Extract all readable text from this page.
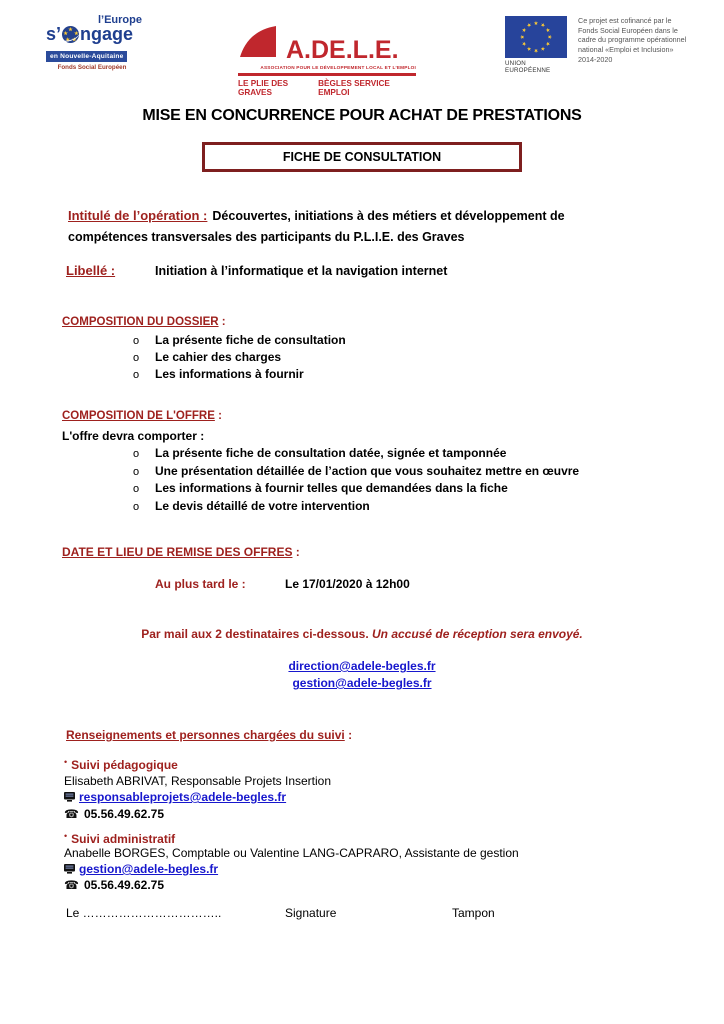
l’Europe
s’ ★
★
★
★
★ ngage
en Nouvelle-Aquitaine
Fonds Social Européen
A.DE.L.E.
ASSOCIATION POUR LE DÉVELOPPEMENT LOCAL ET L’EMPLOI
LE PLIE DES GRAVES
BÈGLES SERVICE EMPLOI
★ ★
★
★
★
★
★
★
★
★
★
★
UNION EUROPÉENNE
Ce projet est cofinancé par le Fonds Social Européen dans le cadre du programme opérationnel national «Emploi et Inclusion» 2014-2020
MISE EN CONCURRENCE POUR ACHAT DE PRESTATIONS
FICHE DE CONSULTATION
Intitulé de l’opération : Découvertes, initiations à des métiers et développement de compétences transversales des participants du P.L.I.E. des Graves
Libellé :	Initiation à l’informatique et la navigation internet
COMPOSITION DU DOSSIER :
o La présente fiche de consultation
o Le cahier des charges
o Les informations à fournir
COMPOSITION DE L'OFFRE :
L'offre devra comporter :
o La présente fiche de consultation datée, signée et tamponnée
o Une présentation détaillée de l’action que vous souhaitez mettre en œuvre
o Les informations à fournir telles que demandées dans la fiche
o Le devis détaillé de votre intervention
DATE ET LIEU DE REMISE DES OFFRES :
Au plus tard le :	Le 17/01/2020 à 12h00
Par mail aux 2 destinataires ci-dessous. Un accusé de réception sera envoyé.
direction@adele-begles.fr
gestion@adele-begles.fr
Renseignements et personnes chargées du suivi :
• Suivi pédagogique
Elisabeth ABRIVAT, Responsable Projets Insertion
responsableprojets@adele-begles.fr
☎ 05.56.49.62.75
• Suivi administratif
Anabelle BORGES, Comptable ou Valentine LANG-CAPRARO, Assistante de gestion
gestion@adele-begles.fr
☎ 05.56.49.62.75
Le ……………………………..	Signature	Tampon
